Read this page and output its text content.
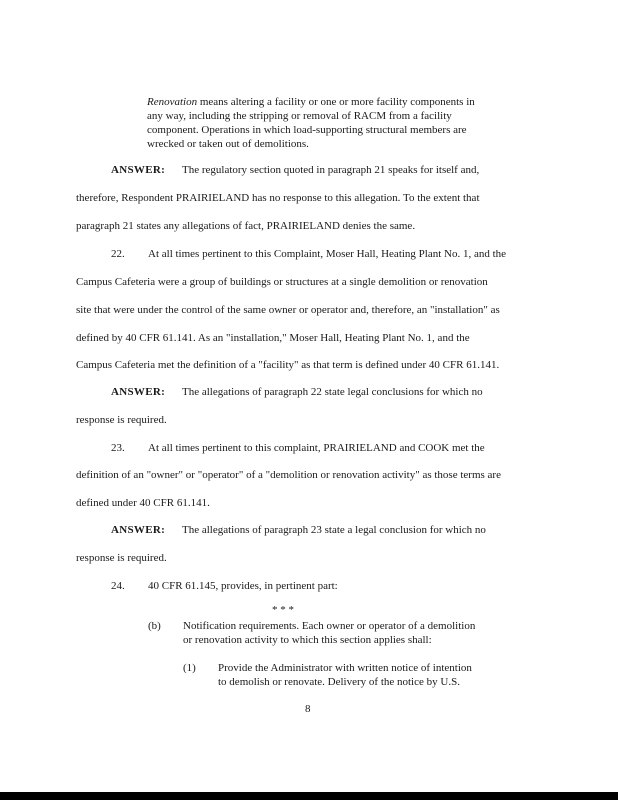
Renovation means altering a facility or one or more facility components in
any way, including the stripping or removal of RACM from a facility
component. Operations in which load-supporting structural members are
wrecked or taken out of demolitions.
ANSWER: The regulatory section quoted in paragraph 21 speaks for itself and,
therefore, Respondent PRAIRIELAND has no response to this allegation. To the extent that
paragraph 21 states any allegations of fact, PRAIRIELAND denies the same.
22. At all times pertinent to this Complaint, Moser Hall, Heating Plant No. 1, and the
Campus Cafeteria were a group of buildings or structures at a single demolition or renovation
site that were under the control of the same owner or operator and, therefore, an "installation" as
defined by 40 CFR 61.141. As an "installation," Moser Hall, Heating Plant No. 1, and the
Campus Cafeteria met the definition of a "facility" as that term is defined under 40 CFR 61.141.
ANSWER: The allegations of paragraph 22 state legal conclusions for which no
response is required.
23. At all times pertinent to this complaint, PRAIRIELAND and COOK met the
definition of an "owner" or "operator" of a "demolition or renovation activity" as those terms are
defined under 40 CFR 61.141.
ANSWER: The allegations of paragraph 23 state a legal conclusion for which no
response is required.
24. 40 CFR 61.145, provides, in pertinent part:
* * *
(b) Notification requirements. Each owner or operator of a demolition
or renovation activity to which this section applies shall:
(1) Provide the Administrator with written notice of intention
to demolish or renovate. Delivery of the notice by U.S.
8
